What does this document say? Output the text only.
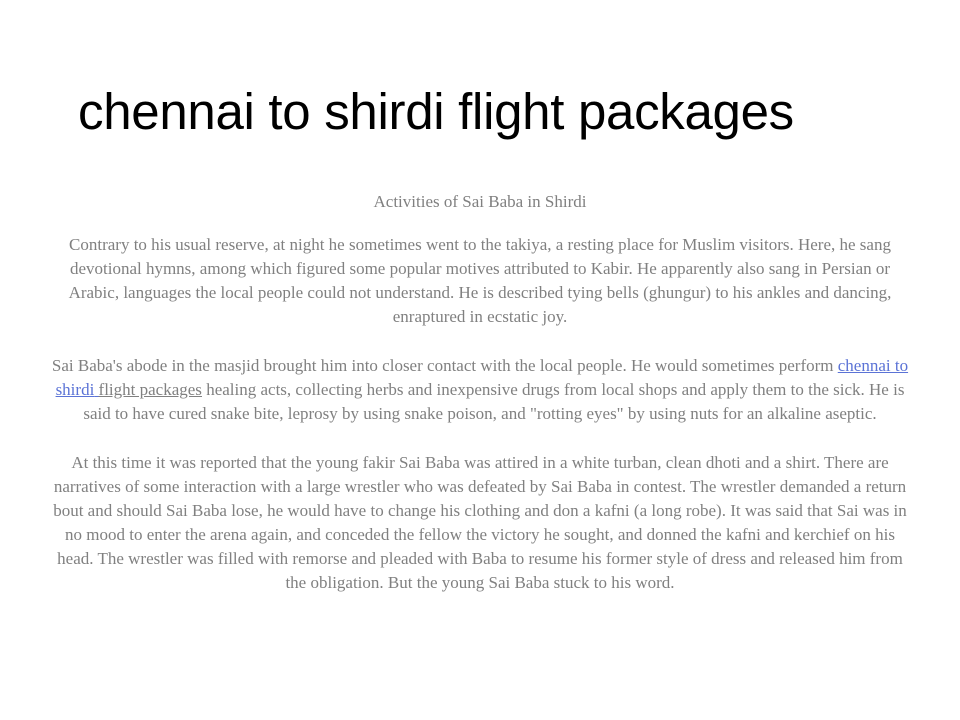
chennai to shirdi flight packages

Activities of Sai Baba in Shirdi

Contrary to his usual reserve, at night he sometimes went to the takiya, a resting place for Muslim visitors. Here, he sang devotional hymns, among which figured some popular motives attributed to Kabir. He apparently also sang in Persian or Arabic, languages the local people could not understand. He is described tying bells (ghungur) to his ankles and dancing, enraptured in ecstatic joy.

Sai Baba's abode in the masjid brought him into closer contact with the local people. He would sometimes perform chennai to shirdi flight packages healing acts, collecting herbs and inexpensive drugs from local shops and apply them to the sick. He is said to have cured snake bite, leprosy by using snake poison, and "rotting eyes" by using nuts for an alkaline aseptic.

At this time it was reported that the young fakir Sai Baba was attired in a white turban, clean dhoti and a shirt. There are narratives of some interaction with a large wrestler who was defeated by Sai Baba in contest. The wrestler demanded a return bout and should Sai Baba lose, he would have to change his clothing and don a kafni (a long robe). It was said that Sai was in no mood to enter the arena again, and conceded the fellow the victory he sought, and donned the kafni and kerchief on his head. The wrestler was filled with remorse and pleaded with Baba to resume his former style of dress and released him from the obligation. But the young Sai Baba stuck to his word.
